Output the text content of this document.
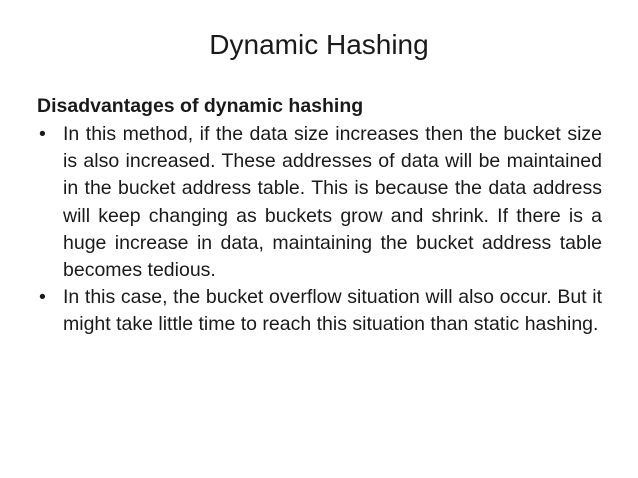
Dynamic Hashing
Disadvantages of dynamic hashing
• In this method, if the data size increases then the bucket size is also increased. These addresses of data will be maintained in the bucket address table. This is because the data address will keep changing as buckets grow and shrink. If there is a huge increase in data, maintaining the bucket address table becomes tedious.
• In this case, the bucket overflow situation will also occur. But it might take little time to reach this situation than static hashing.
